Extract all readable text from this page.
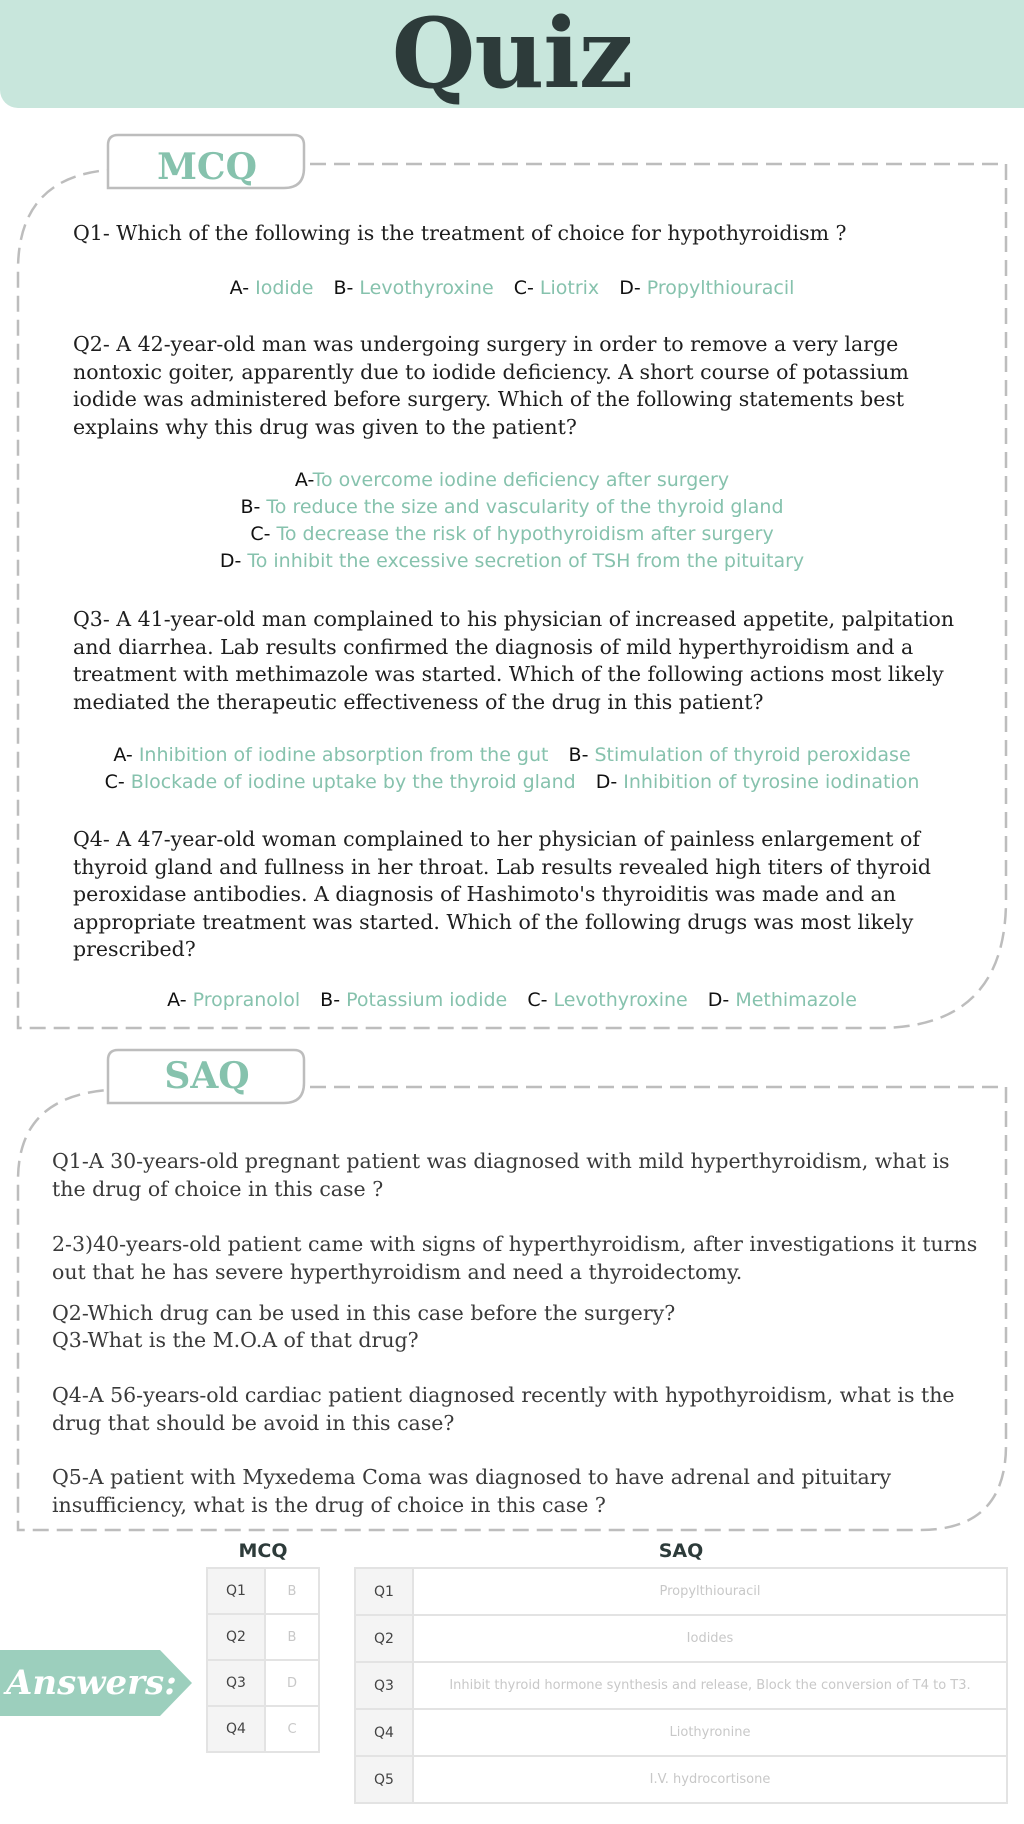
Quiz
MCQ
Q1- Which of the following is the treatment of choice for hypothyroidism ?
A- Iodide B- Levothyroxine C- Liotrix D- Propylthiouracil
Q2- A 42-year-old man was undergoing surgery in order to remove a very large nontoxic goiter, apparently due to iodide deficiency. A short course of potassium iodide was administered before surgery. Which of the following statements best explains why this drug was given to the patient?
A-To overcome iodine deficiency after surgery
B- To reduce the size and vascularity of the thyroid gland
C- To decrease the risk of hypothyroidism after surgery
D- To inhibit the excessive secretion of TSH from the pituitary
Q3- A 41-year-old man complained to his physician of increased appetite, palpitation and diarrhea. Lab results confirmed the diagnosis of mild hyperthyroidism and a treatment with methimazole was started. Which of the following actions most likely mediated the therapeutic effectiveness of the drug in this patient?
A- Inhibition of iodine absorption from the gut B- Stimulation of thyroid peroxidase
C- Blockade of iodine uptake by the thyroid gland D- Inhibition of tyrosine iodination
Q4- A 47-year-old woman complained to her physician of painless enlargement of thyroid gland and fullness in her throat. Lab results revealed high titers of thyroid peroxidase antibodies. A diagnosis of Hashimoto's thyroiditis was made and an appropriate treatment was started. Which of the following drugs was most likely prescribed?
A- Propranolol B- Potassium iodide C- Levothyroxine D- Methimazole
SAQ
Q1-A 30-years-old pregnant patient was diagnosed with mild hyperthyroidism, what is the drug of choice in this case ?
2-3)40-years-old patient came with signs of hyperthyroidism, after investigations it turns out that he has severe hyperthyroidism and need a thyroidectomy.
Q2-Which drug can be used in this case before the surgery?
Q3-What is the M.O.A of that drug?
Q4-A 56-years-old cardiac patient diagnosed recently with hypothyroidism, what is the drug that should be avoid in this case?
Q5-A patient with Myxedema Coma was diagnosed to have adrenal and pituitary insufficiency, what is the drug of choice in this case ?
Answers:
MCQ
Q1	B
Q2	B
Q3	D
Q4	C
SAQ
Q1	Propylthiouracil
Q2	Iodides
Q3	Inhibit thyroid hormone synthesis and release, Block the conversion of T4 to T3.
Q4	Liothyronine
Q5	I.V. hydrocortisone
